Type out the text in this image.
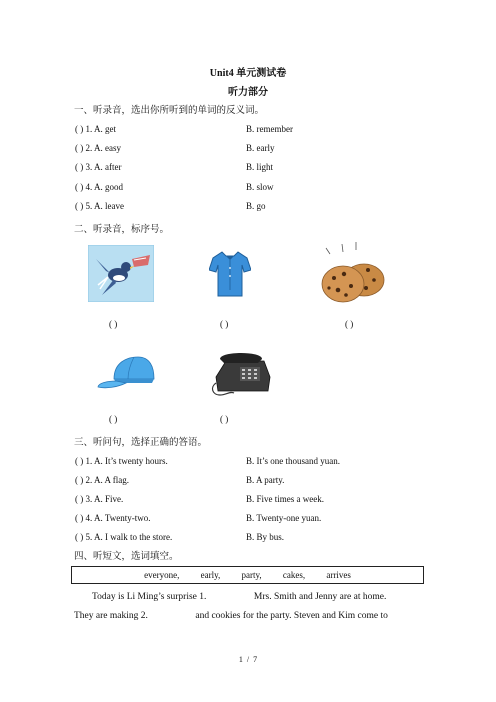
Unit4 单元测试卷
听力部分
一、听录音，选出你所听到的单词的反义词。
( ) 1. A. get	B. remember
( ) 2. A. easy	B. early
( ) 3. A. after	B. light
( ) 4. A. good	B. slow
( ) 5. A. leave	B. go
二、听录音，标序号。
( )	( )	( )
( )	( )
三、听问句，选择正确的答语。
( ) 1. A. It’s twenty hours.	B. It’s one thousand yuan.
( ) 2. A. A flag.	B. A party.
( ) 3. A. Five.	B. Five times a week.
( ) 4. A. Twenty-two.	B. Twenty-one yuan.
( ) 5. A. I walk to the store.	B. By bus.
四、听短文，选词填空。
everyone,     early,     party,     cakes,     arrives
Today is Li Ming’s surprise 1.                    Mrs. Smith and Jenny are at home.
They are making 2.                    and cookies for the party. Steven and Kim come to
1  /  7
